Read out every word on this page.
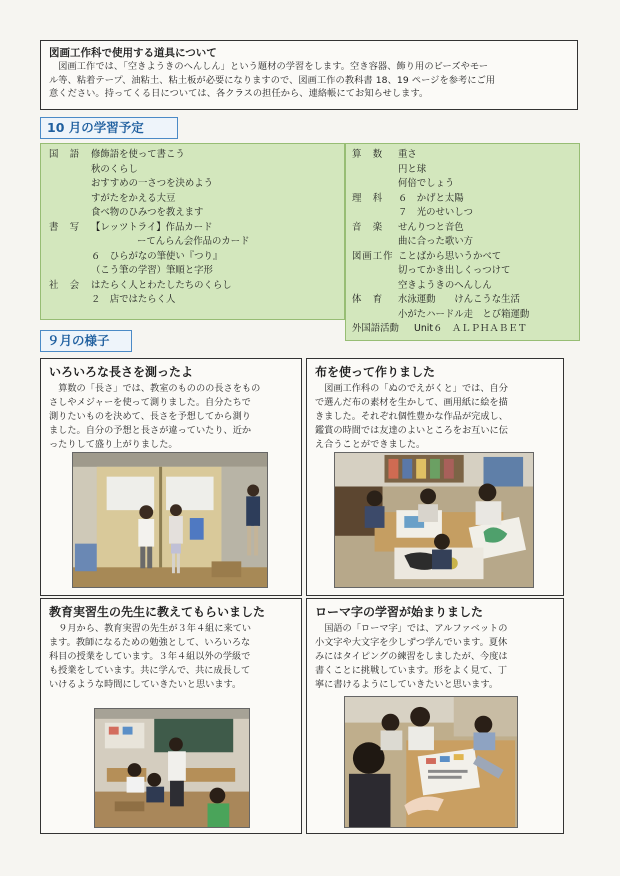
図画工作科で使用する道具について
図画工作では、「空きようきのへんしん」という題材の学習をします。空き容器、飾り用のビーズやモー
ル等、粘着テープ、油粘土、粘土板が必要になりますので、図画工作の教科書 18、19 ページを参考にご用
意ください。持ってくる日については、各クラスの担任から、連絡帳にてお知らせします。
10 月の学習予定
国　語	修飾語を使って書こう
秋のくらし
おすすめの一さつを決めよう
すがたをかえる大豆
食べ物のひみつを教えます
書　写	【レッツトライ】作品カード
ーてんらん会作品のカード
６　ひらがなの筆使い『つり』
（こう筆の学習）筆順と字形
社　会	はたらく人とわたしたちのくらし
２　店ではたらく人
算　数	重さ
円と球
何倍でしょう
理　科	６　かげと太陽
７　光のせいしつ
音　楽	せんりつと音色
曲に合った歌い方
図画工作 ことばから思いうかべて
切ってかき出しくっつけて
空きようきのへんしん
体　育	水泳運動　　けんこうな生活
小がたハードル走　とび箱運動
外国語活動	Unit６　ＡＬＰＨＡＢＥＴ
９月の様子
いろいろな長さを測ったよ
算数の「長さ」では、教室のもののの長さをもの
さしやメジャーを使って測りました。自分たちで
測りたいものを決めて、長さを予想してから測り
ました。自分の予想と長さが違っていたり、近か
ったりして盛り上がりました。
布を使って作りました
図画工作科の「ぬのでえがくと」では、自分
で選んだ布の素材を生かして、画用紙に絵を描
きました。それぞれ個性豊かな作品が完成し、
鑑賞の時間では友達のよいところをお互いに伝
え合うことができました。
教育実習生の先生に教えてもらいました
９月から、教育実習の先生が３年４組に来てい
ます。教師になるための勉強として、いろいろな
科目の授業をしています。３年４組以外の学級で
も授業をしています。共に学んで、共に成長して
いけるような時間にしていきたいと思います。
ローマ字の学習が始まりました
国語の「ローマ字」では、アルファベットの
小文字や大文字を少しずつ学んでいます。夏休
みにはタイピングの練習をしましたが、今度は
書くことに挑戦しています。形をよく見て、丁
寧に書けるようにしていきたいと思います。
